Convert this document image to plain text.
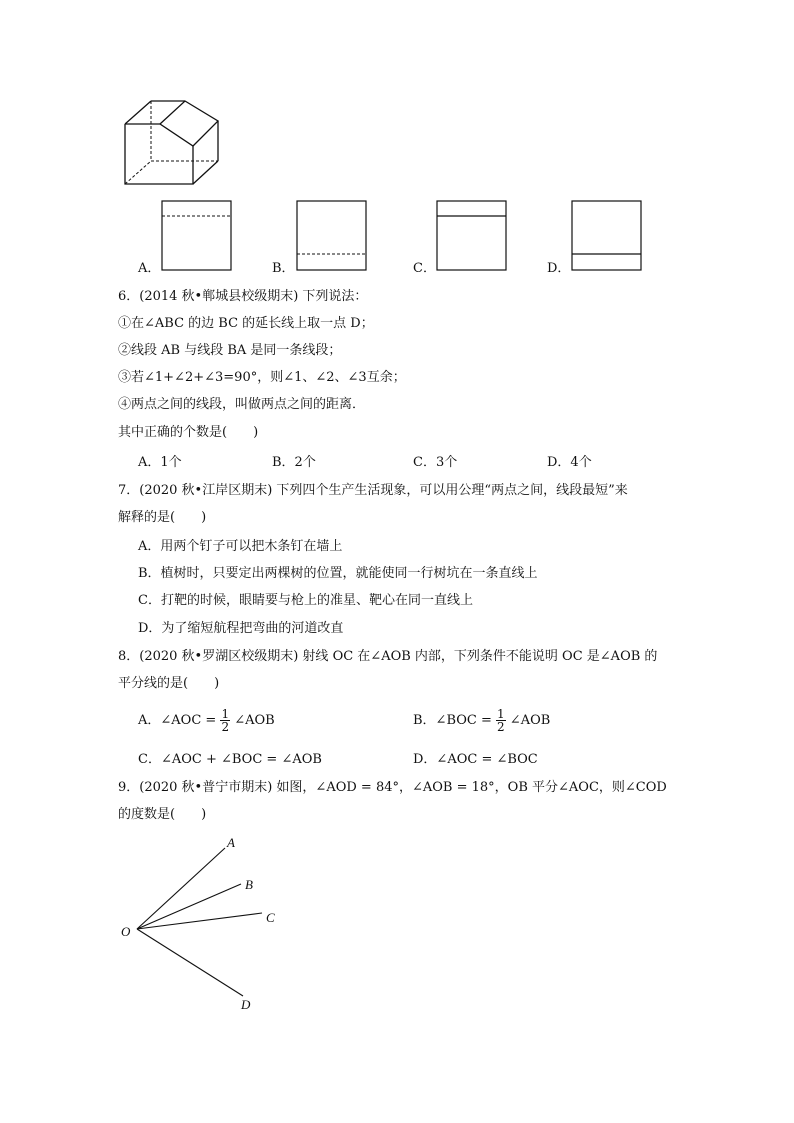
A．	B．	C．	D．
6．(2014 秋•郸城县校级期末) 下列说法：
①在∠ABC 的边 BC 的延长线上取一点 D；
②线段 AB 与线段 BA 是同一条线段；
③若∠1+∠2+∠3=90°，则∠1、∠2、∠3互余；
④两点之间的线段，叫做两点之间的距离．
其中正确的个数是(　　)
A．1个	B．2个	C．3个	D．4个
7．(2020 秋•江岸区期末) 下列四个生产生活现象，可以用公理“两点之间，线段最短”来
解释的是(　　)
A．用两个钉子可以把木条钉在墙上
B．植树时，只要定出两棵树的位置，就能使同一行树坑在一条直线上
C．打靶的时候，眼睛要与枪上的准星、靶心在同一直线上
D．为了缩短航程把弯曲的河道改直
8．(2020 秋•罗湖区校级期末) 射线 OC 在∠AOB 内部，下列条件不能说明 OC 是∠AOB 的
平分线的是(　　)
A．∠AOC = $\frac{1}{2}$ ∠AOB	B．∠BOC = $\frac{1}{2}$ ∠AOB
C．∠AOC + ∠BOC = ∠AOB	D．∠AOC = ∠BOC
9．(2020 秋•普宁市期末) 如图，∠AOD = 84°，∠AOB = 18°，OB 平分∠AOC，则∠COD
的度数是(　　)
A
B
C
O
D
